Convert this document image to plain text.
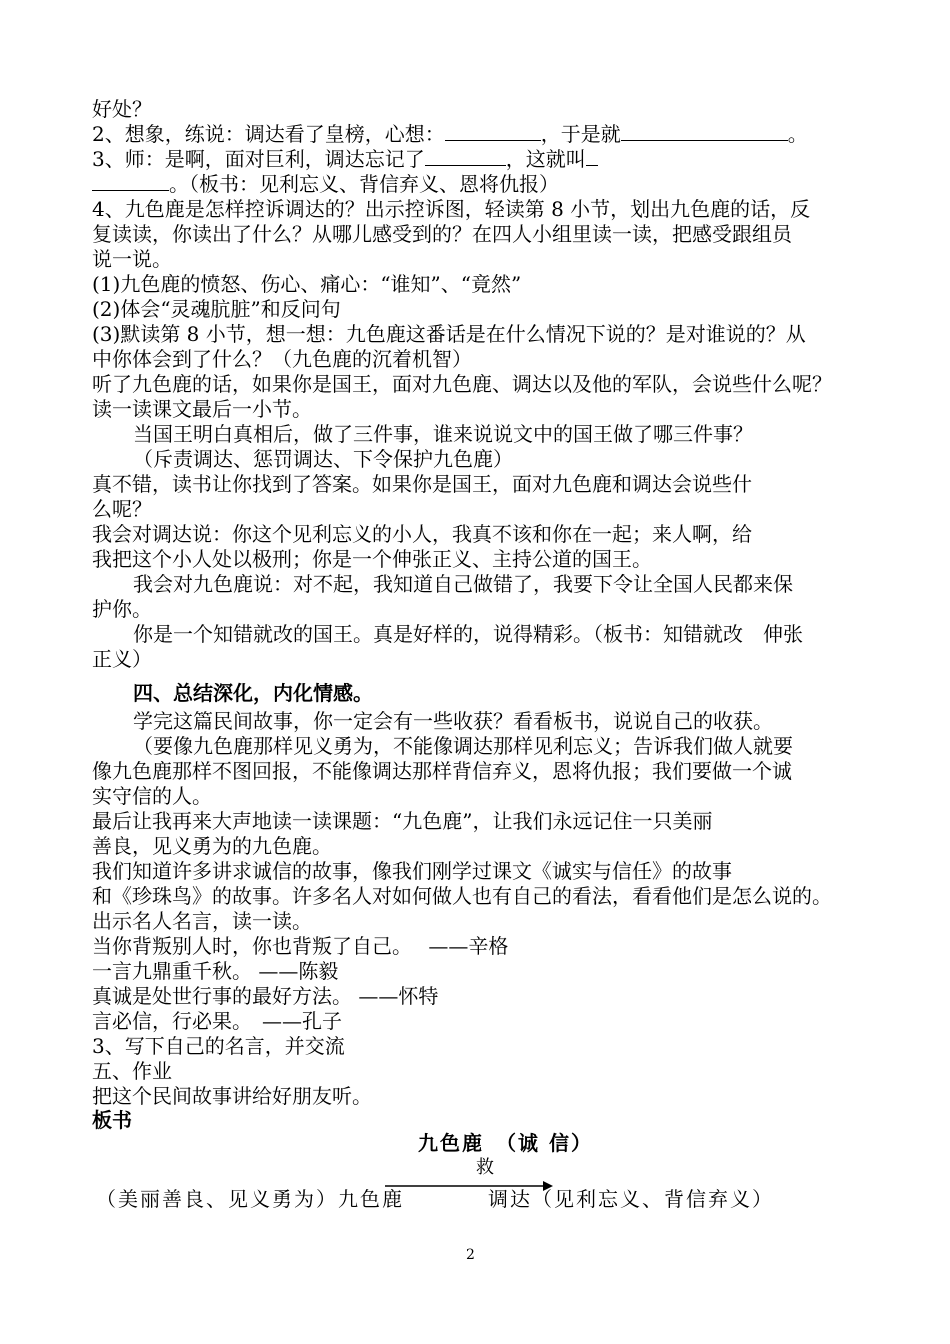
好处？
2、想象，练说：调达看了皇榜，心想：	，于是就	。
3、师：是啊，面对巨利，调达忘记了	，这就叫
。（板书：见利忘义、背信弃义、恩将仇报）
4、九色鹿是怎样控诉调达的？出示控诉图，轻读第 8 小节，划出九色鹿的话，反
复读读，你读出了什么？从哪儿感受到的？在四人小组里读一读，把感受跟组员
说一说。
(1)九色鹿的愤怒、伤心、痛心：“谁知”、“竟然”
(2)体会“灵魂肮脏”和反问句
(3)默读第 8 小节，想一想：九色鹿这番话是在什么情况下说的？是对谁说的？从
中你体会到了什么？（九色鹿的沉着机智）
听了九色鹿的话，如果你是国王，面对九色鹿、调达以及他的军队，会说些什么呢？
读一读课文最后一小节。
当国王明白真相后，做了三件事，谁来说说文中的国王做了哪三件事？
（斥责调达、惩罚调达、下令保护九色鹿）
真不错，读书让你找到了答案。如果你是国王，面对九色鹿和调达会说些什
么呢？
我会对调达说：你这个见利忘义的小人，我真不该和你在一起；来人啊，给
我把这个小人处以极刑；你是一个伸张正义、主持公道的国王。
我会对九色鹿说：对不起，我知道自己做错了，我要下令让全国人民都来保
护你。
你是一个知错就改的国王。真是好样的，说得精彩。（板书：知错就改　伸张
正义）
四、总结深化，内化情感。
学完这篇民间故事，你一定会有一些收获？看看板书，说说自己的收获。
（要像九色鹿那样见义勇为，不能像调达那样见利忘义；告诉我们做人就要
像九色鹿那样不图回报，不能像调达那样背信弃义，恩将仇报；我们要做一个诚
实守信的人。
最后让我再来大声地读一读课题：“九色鹿”，让我们永远记住一只美丽
善良，见义勇为的九色鹿。
我们知道许多讲求诚信的故事，像我们刚学过课文《诚实与信任》的故事
和《珍珠鸟》的故事。许多名人对如何做人也有自己的看法，看看他们是怎么说的。
出示名人名言，读一读。
当你背叛别人时，你也背叛了自己。　 ——辛格
一言九鼎重千秋。 ——陈毅
真诚是处世行事的最好方法。 ——怀特
言必信，行必果。　——孔子
3、写下自己的名言，并交流
五、作业
把这个民间故事讲给好朋友听。
板书
九色鹿　（诚 信）
救
（美丽善良、见义勇为）九色鹿	调达（见利忘义、背信弃义）
2
